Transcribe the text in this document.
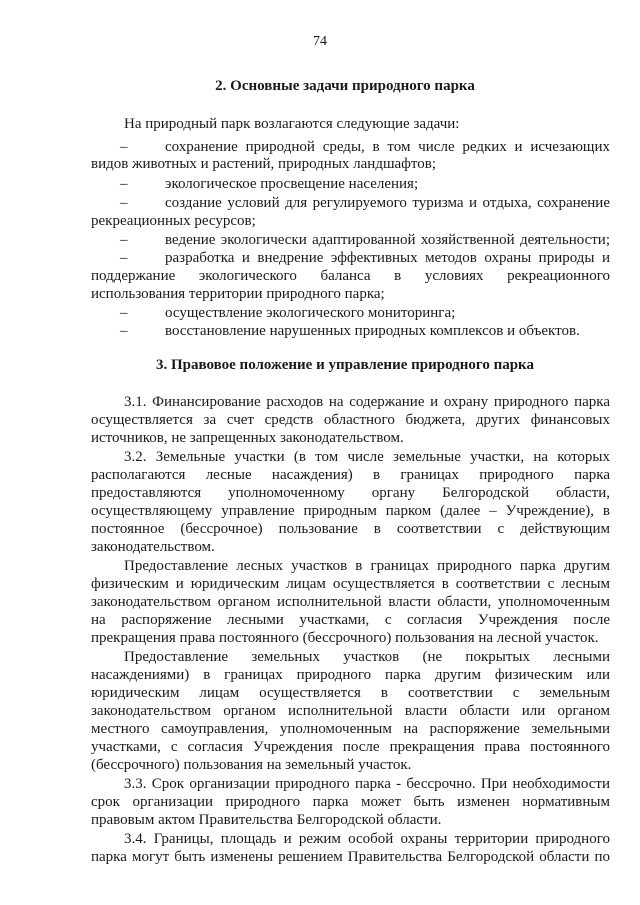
74
2. Основные задачи природного парка
На природный парк возлагаются следующие задачи:
–	сохранение природной среды, в том числе редких и исчезающих
видов животных и растений, природных ландшафтов;
–	экологическое просвещение населения;
–	создание условий для регулируемого туризма и отдыха, сохранение
рекреационных ресурсов;
–	ведение экологически адаптированной хозяйственной деятельности;
–	разработка и внедрение эффективных методов охраны природы и
поддержание экологического баланса в условиях рекреационного
использования территории природного парка;
–	осуществление экологического мониторинга;
–	восстановление нарушенных природных комплексов и объектов.
3. Правовое положение и управление природного парка
3.1. Финансирование расходов на содержание и охрану природного парка
осуществляется за счет средств областного бюджета, других финансовых
источников, не запрещенных законодательством.
3.2. Земельные участки (в том числе земельные участки, на которых
располагаются лесные насаждения) в границах природного парка
предоставляются уполномоченному органу Белгородской области,
осуществляющему управление природным парком (далее – Учреждение), в
постоянное (бессрочное) пользование в соответствии с действующим
законодательством.
Предоставление лесных участков в границах природного парка другим
физическим и юридическим лицам осуществляется в соответствии с лесным
законодательством органом исполнительной власти области, уполномоченным
на распоряжение лесными участками, с согласия Учреждения после
прекращения права постоянного (бессрочного) пользования на лесной участок.
Предоставление земельных участков (не покрытых лесными
насаждениями) в границах природного парка другим физическим или
юридическим лицам осуществляется в соответствии с земельным
законодательством органом исполнительной власти области или органом
местного самоуправления, уполномоченным на распоряжение земельными
участками, с согласия Учреждения после прекращения права постоянного
(бессрочного) пользования на земельный участок.
3.3. Срок организации природного парка - бессрочно. При необходимости
срок организации природного парка может быть изменен нормативным
правовым актом Правительства Белгородской области.
3.4. Границы, площадь и режим особой охраны территории природного
парка могут быть изменены решением Правительства Белгородской области по
